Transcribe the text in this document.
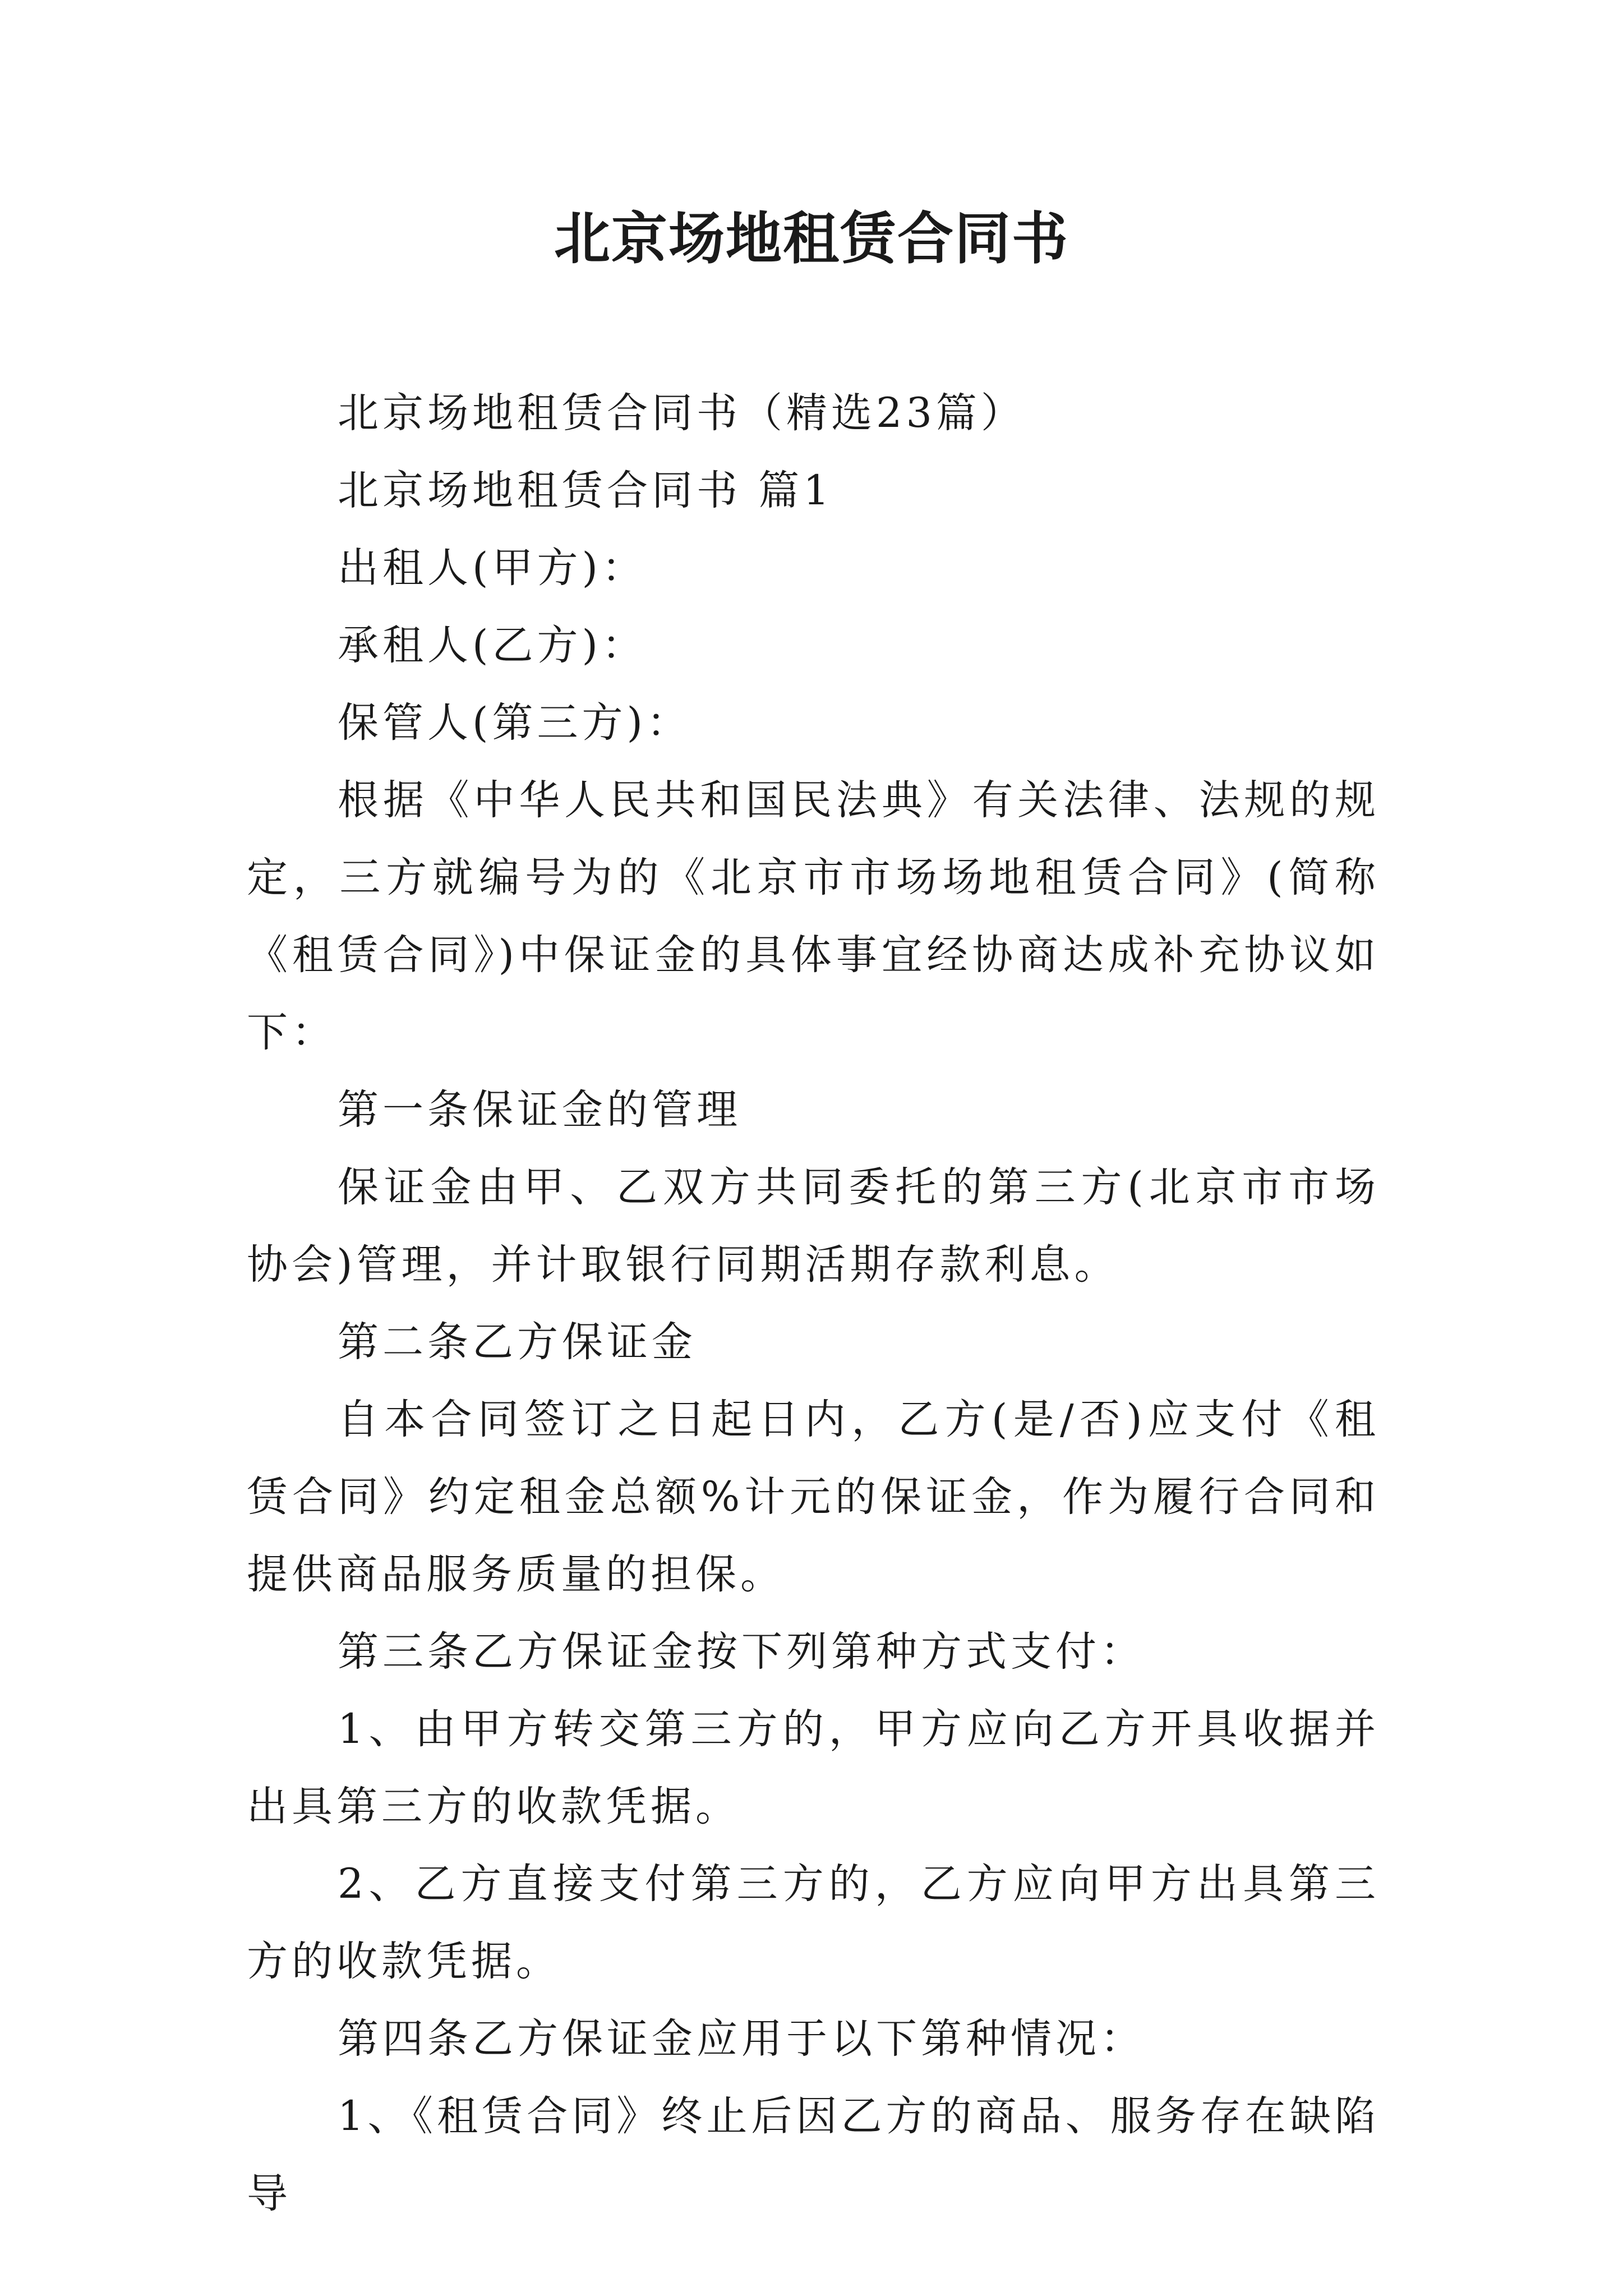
北京场地租赁合同书

北京场地租赁合同书（精选23篇）

北京场地租赁合同书 篇1

出租人(甲方)：

承租人(乙方)：

保管人(第三方)：

根据《中华人民共和国民法典》有关法律、法规的规定，三方就编号为的《北京市市场场地租赁合同》(简称《租赁合同》)中保证金的具体事宜经协商达成补充协议如下：

第一条保证金的管理

保证金由甲、乙双方共同委托的第三方(北京市市场协会)管理，并计取银行同期活期存款利息。

第二条乙方保证金

自本合同签订之日起日内，乙方(是/否)应支付《租赁合同》约定租金总额%计元的保证金，作为履行合同和提供商品服务质量的担保。

第三条乙方保证金按下列第种方式支付：

1、由甲方转交第三方的，甲方应向乙方开具收据并出具第三方的收款凭据。

2、乙方直接支付第三方的，乙方应向甲方出具第三方的收款凭据。

第四条乙方保证金应用于以下第种情况：

1、《租赁合同》终止后因乙方的商品、服务存在缺陷导
